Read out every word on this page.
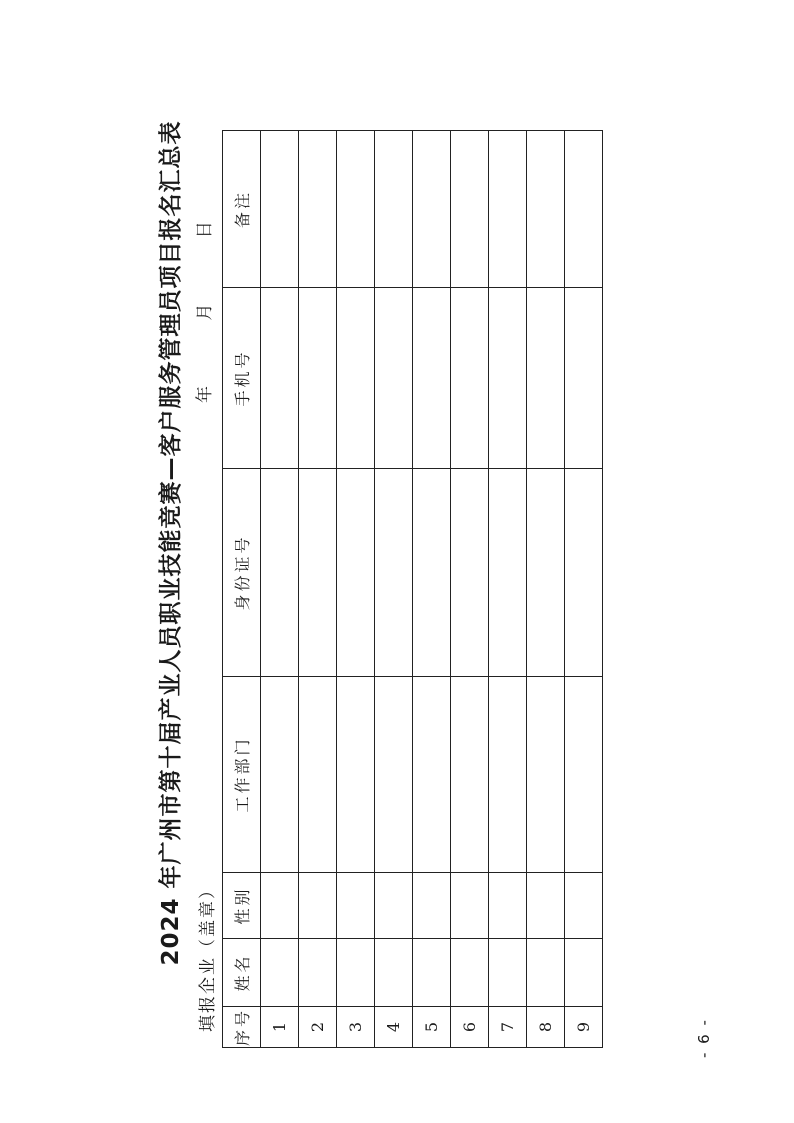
2024 年广州市第十届产业人员职业技能竞赛—客户服务管理员项目报名汇总表 填报企业（盖章）
年 月 日
序号	姓名	性别	工作部门	身份证号	手机号	备注
1						
2						
3						
4						
5						
6						
7						
8						
9							- 6 -
